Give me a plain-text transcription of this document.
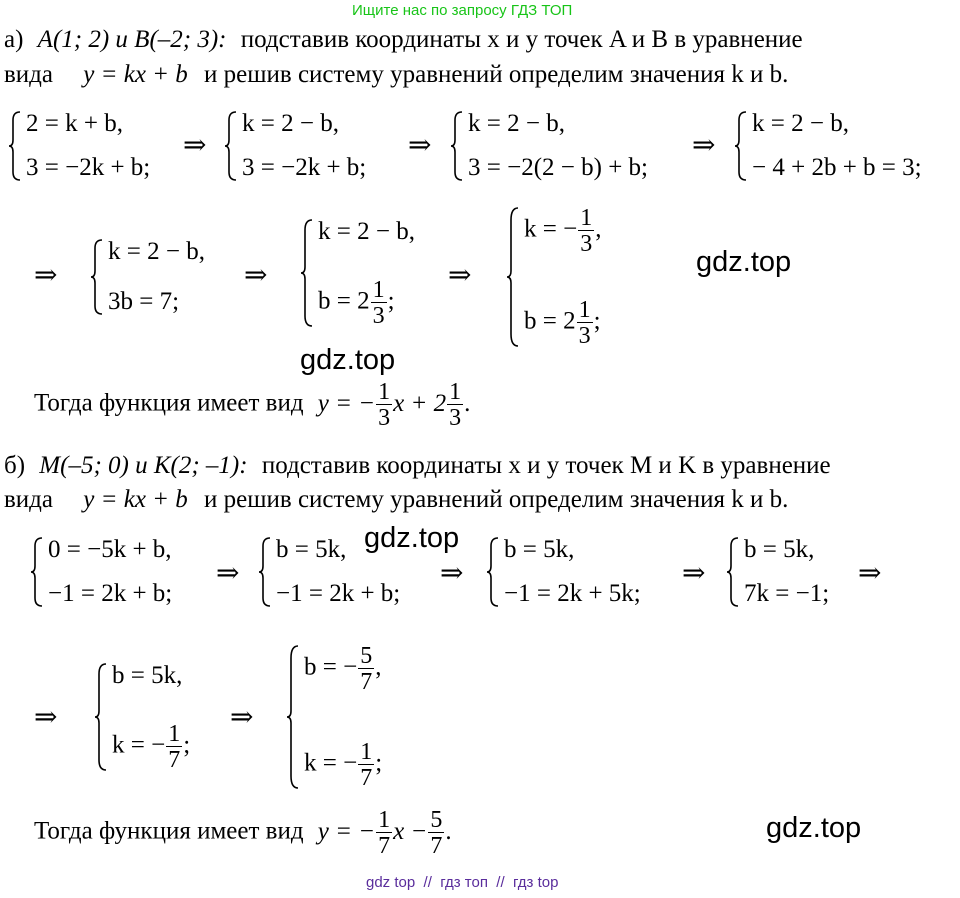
Ищите нас по запросу ГДЗ ТОП
а) A(1; 2) и B(–2; 3): подставив координаты x и y точек A и B в уравнение
вида y = kx + b и решив систему уравнений определим значения k и b.
2 = k + b,
3 = −2k + b;
⇒
k = 2 − b,
3 = −2k + b;
⇒
k = 2 − b,
3 = −2(2 − b) + b;
⇒
k = 2 − b,
− 4 + 2b + b = 3;
⇒
k = 2 − b,
3b = 7;
⇒
k = 2 − b,
$b = 2 \frac{1}{3}$ ;
⇒
k = − $\frac{1}{3}$ ,
$b = 2 \frac{1}{3}$ ;
gdz.top
gdz.top
Тогда функция имеет вид y = − $\frac{1}{3}$ $x + 2 \frac{1}{3}$ .
б) M(–5; 0) и K(2; –1): подставив координаты x и y точек M и K в уравнение
вида y = kx + b и решив систему уравнений определим значения k и b.
gdz.top
0 = −5k + b,
−1 = 2k + b;
⇒
b = 5k,
−1 = 2k + b;
⇒
b = 5k,
−1 = 2k + 5k;
⇒
b = 5k,
7k = −1;
⇒
⇒
b = 5k,
k = − $\frac{1}{7}$ ;
⇒
b = − $\frac{5}{7}$ ,
k = − $\frac{1}{7}$ ;
Тогда функция имеет вид y = − $\frac{1}{7}$ $x - \frac{5}{7}$ .	gdz.top
gdz top  //  гдз топ  //  гдз top
